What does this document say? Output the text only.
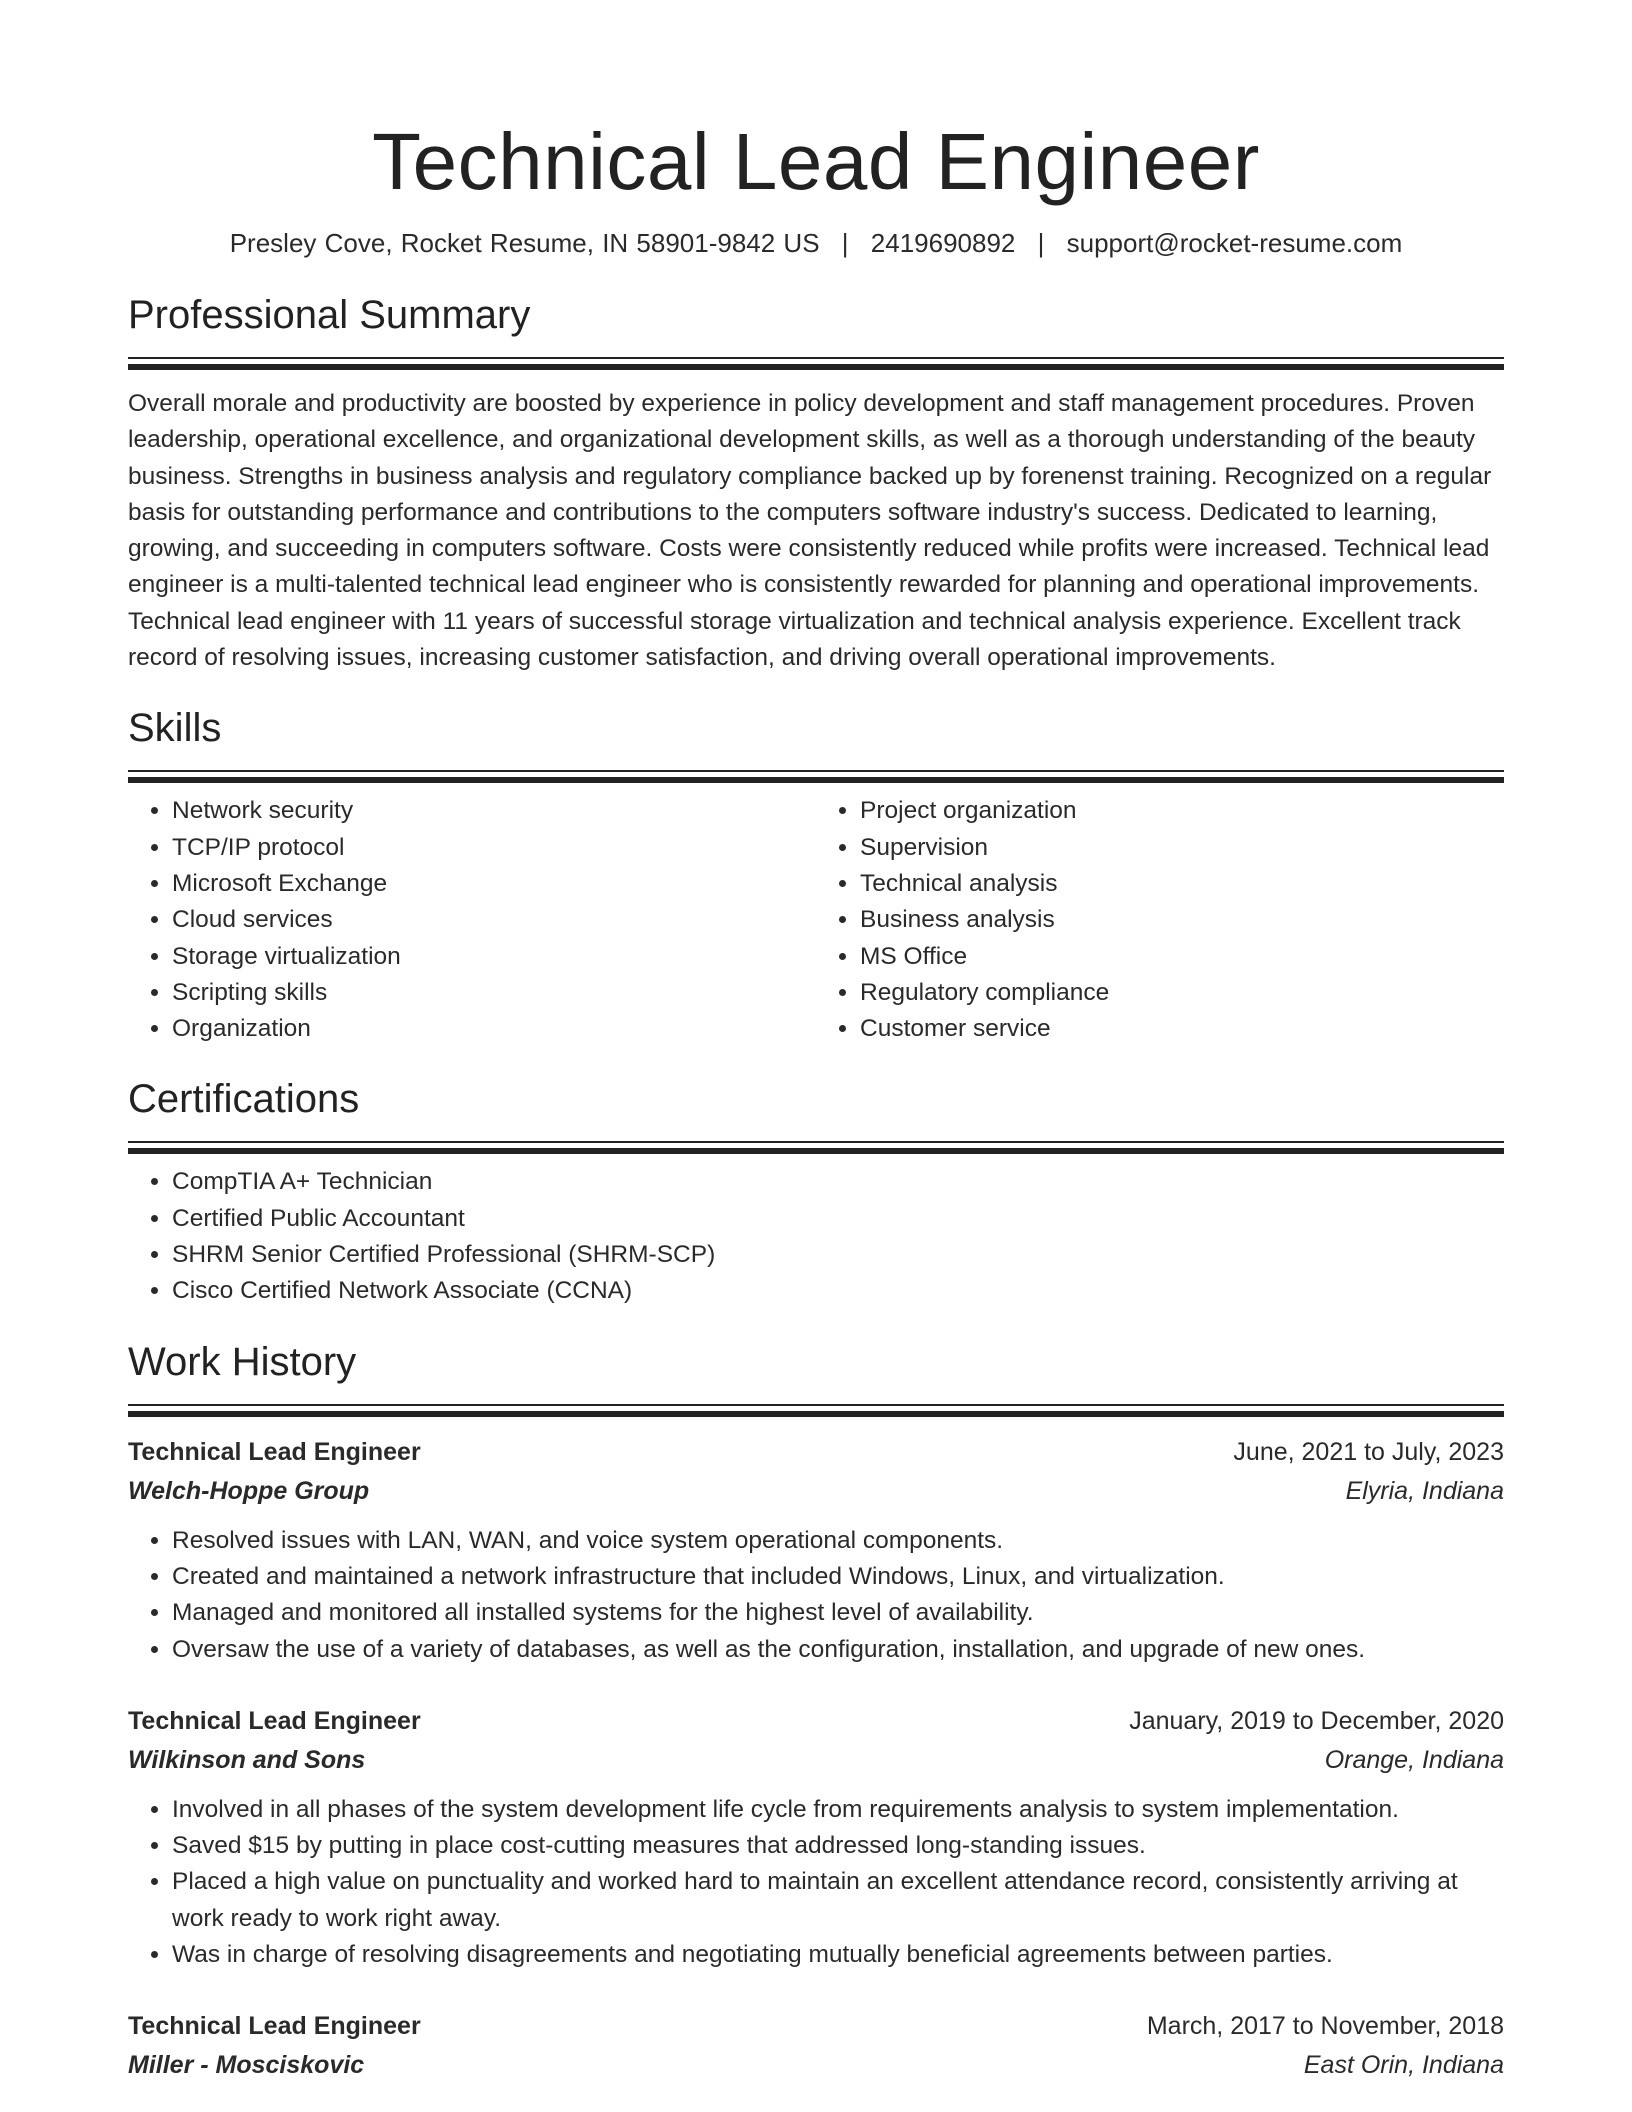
Technical Lead Engineer
Presley Cove, Rocket Resume, IN 58901-9842 US | 2419690892 | support@rocket-resume.com
Professional Summary
Overall morale and productivity are boosted by experience in policy development and staff management procedures. Proven leadership, operational excellence, and organizational development skills, as well as a thorough understanding of the beauty business. Strengths in business analysis and regulatory compliance backed up by forenenst training. Recognized on a regular basis for outstanding performance and contributions to the computers software industry's success. Dedicated to learning, growing, and succeeding in computers software. Costs were consistently reduced while profits were increased. Technical lead engineer is a multi-talented technical lead engineer who is consistently rewarded for planning and operational improvements. Technical lead engineer with 11 years of successful storage virtualization and technical analysis experience. Excellent track record of resolving issues, increasing customer satisfaction, and driving overall operational improvements.
Skills
• Network security
• TCP/IP protocol
• Microsoft Exchange
• Cloud services
• Storage virtualization
• Scripting skills
• Organization
• Project organization
• Supervision
• Technical analysis
• Business analysis
• MS Office
• Regulatory compliance
• Customer service
Certifications
• CompTIA A+ Technician
• Certified Public Accountant
• SHRM Senior Certified Professional (SHRM-SCP)
• Cisco Certified Network Associate (CCNA)
Work History
Technical Lead Engineer	June, 2021 to July, 2023
Welch-Hoppe Group	Elyria, Indiana
• Resolved issues with LAN, WAN, and voice system operational components.
• Created and maintained a network infrastructure that included Windows, Linux, and virtualization.
• Managed and monitored all installed systems for the highest level of availability.
• Oversaw the use of a variety of databases, as well as the configuration, installation, and upgrade of new ones.
Technical Lead Engineer	January, 2019 to December, 2020
Wilkinson and Sons	Orange, Indiana
• Involved in all phases of the system development life cycle from requirements analysis to system implementation.
• Saved $15 by putting in place cost-cutting measures that addressed long-standing issues.
• Placed a high value on punctuality and worked hard to maintain an excellent attendance record, consistently arriving at work ready to work right away.
• Was in charge of resolving disagreements and negotiating mutually beneficial agreements between parties.
Technical Lead Engineer	March, 2017 to November, 2018
Miller - Mosciskovic	East Orin, Indiana
